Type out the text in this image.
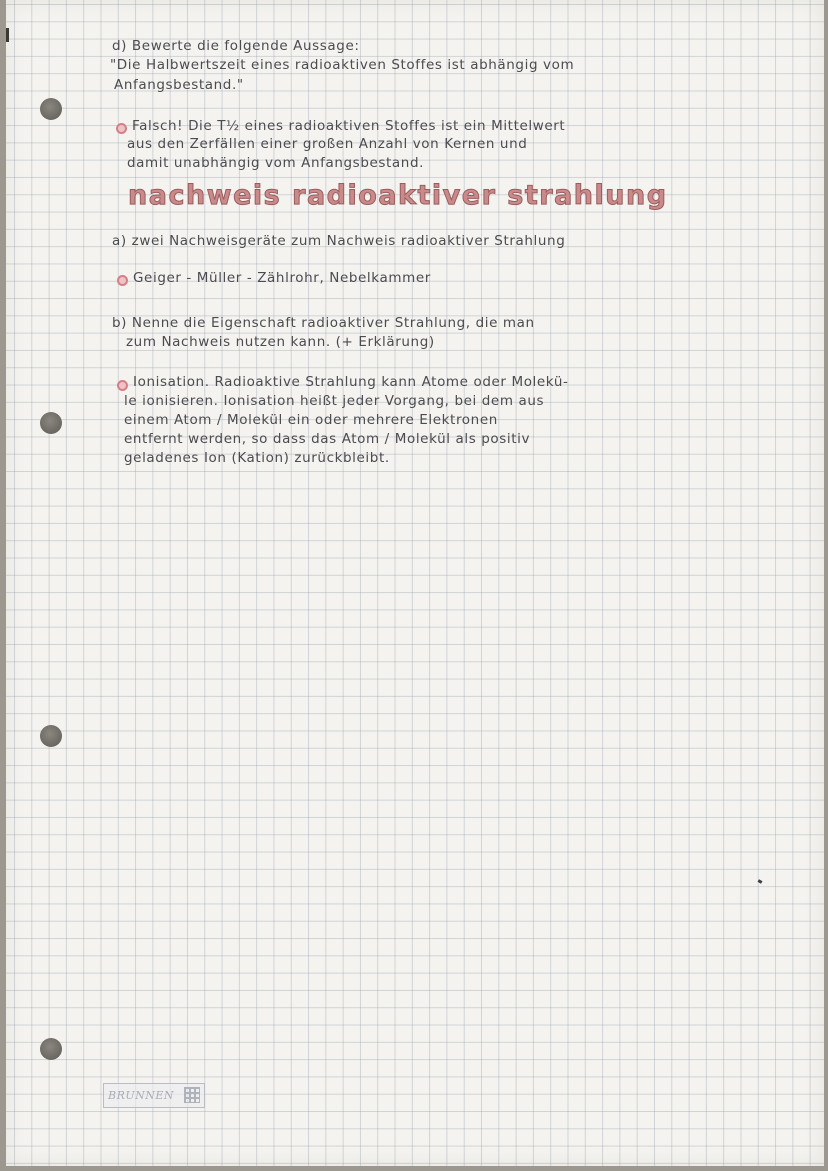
d) Bewerte die folgende Aussage:

"Die Halbwertszeit eines radioaktiven Stoffes ist abhängig vom

Anfangsbestand."

Falsch! Die T½ eines radioaktiven Stoffes ist ein Mittelwert

aus den Zerfällen einer großen Anzahl von Kernen und

damit unabhängig vom Anfangsbestand.

nachweis radioaktiver strahlung

a) zwei Nachweisgeräte zum Nachweis radioaktiver Strahlung

Geiger - Müller - Zählrohr, Nebelkammer

b) Nenne die Eigenschaft radioaktiver Strahlung, die man

zum Nachweis nutzen kann. (+ Erklärung)

Ionisation. Radioaktive Strahlung kann Atome oder Molekü-

le ionisieren. Ionisation heißt jeder Vorgang, bei dem aus

einem Atom / Molekül ein oder mehrere Elektronen

entfernt werden, so dass das Atom / Molekül als positiv

geladenes Ion (Kation) zurückbleibt.

BRUNNEN
